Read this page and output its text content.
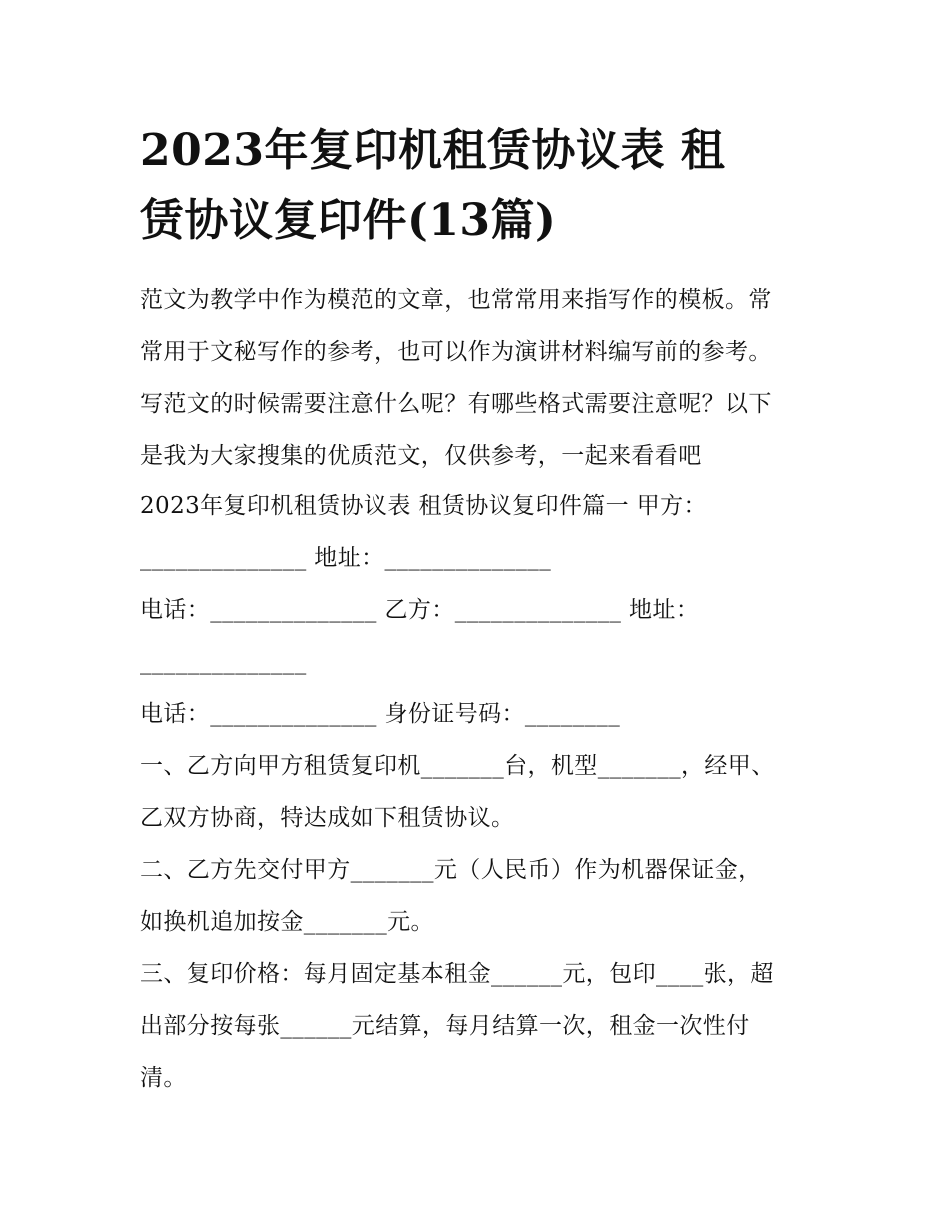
2023年复印机租赁协议表 租
赁协议复印件(13篇)
范文为教学中作为模范的文章，也常常用来指写作的模板。常
常用于文秘写作的参考，也可以作为演讲材料编写前的参考。
写范文的时候需要注意什么呢？有哪些格式需要注意呢？以下
是我为大家搜集的优质范文，仅供参考，一起来看看吧
2023年复印机租赁协议表 租赁协议复印件篇一 甲方：
______________ 地址：______________
电话：______________ 乙方：______________ 地址：
______________
电话：______________ 身份证号码：________
一、乙方向甲方租赁复印机_______台，机型_______，经甲、
乙双方协商，特达成如下租赁协议。
二、乙方先交付甲方_______元（人民币）作为机器保证金，
如换机追加按金_______元。
三、复印价格：每月固定基本租金______元，包印____张，超
出部分按每张______元结算，每月结算一次，租金一次性付
清。
